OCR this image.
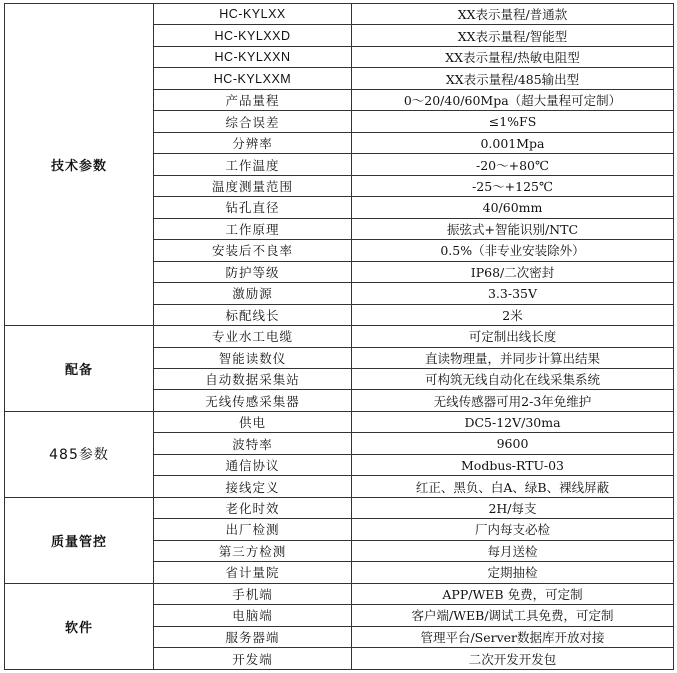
技术参数	HC-KYLXX	XX表示量程/普通款
	HC-KYLXXD	XX表示量程/智能型
	HC-KYLXXN	XX表示量程/热敏电阻型
	HC-KYLXXM	XX表示量程/485输出型
	产品量程	0～20/40/60Mpa（超大量程可定制）
	综合误差	≤1%FS
	分辨率	0.001Mpa
	工作温度	-20～+80℃
	温度测量范围	-25～+125℃
	钻孔直径	40/60mm
	工作原理	振弦式+智能识别/NTC
	安装后不良率	0.5%（非专业安装除外）
	防护等级	IP68/二次密封
	激励源	3.3-35V
	标配线长	2米
配备	专业水工电缆	可定制出线长度
	智能读数仪	直读物理量，并同步计算出结果
	自动数据采集站	可构筑无线自动化在线采集系统
	无线传感采集器	无线传感器可用2-3年免维护
485参数	供电	DC5-12V/30ma
	波特率	9600
	通信协议	Modbus-RTU-03
	接线定义	红正、黑负、白A、绿B、裸线屏蔽
质量管控	老化时效	2H/每支
	出厂检测	厂内每支必检
	第三方检测	每月送检
	省计量院	定期抽检
软件	手机端	APP/WEB 免费，可定制
	电脑端	客户端/WEB/调试工具免费，可定制
	服务器端	管理平台/Server数据库开放对接
	开发端	二次开发开发包
